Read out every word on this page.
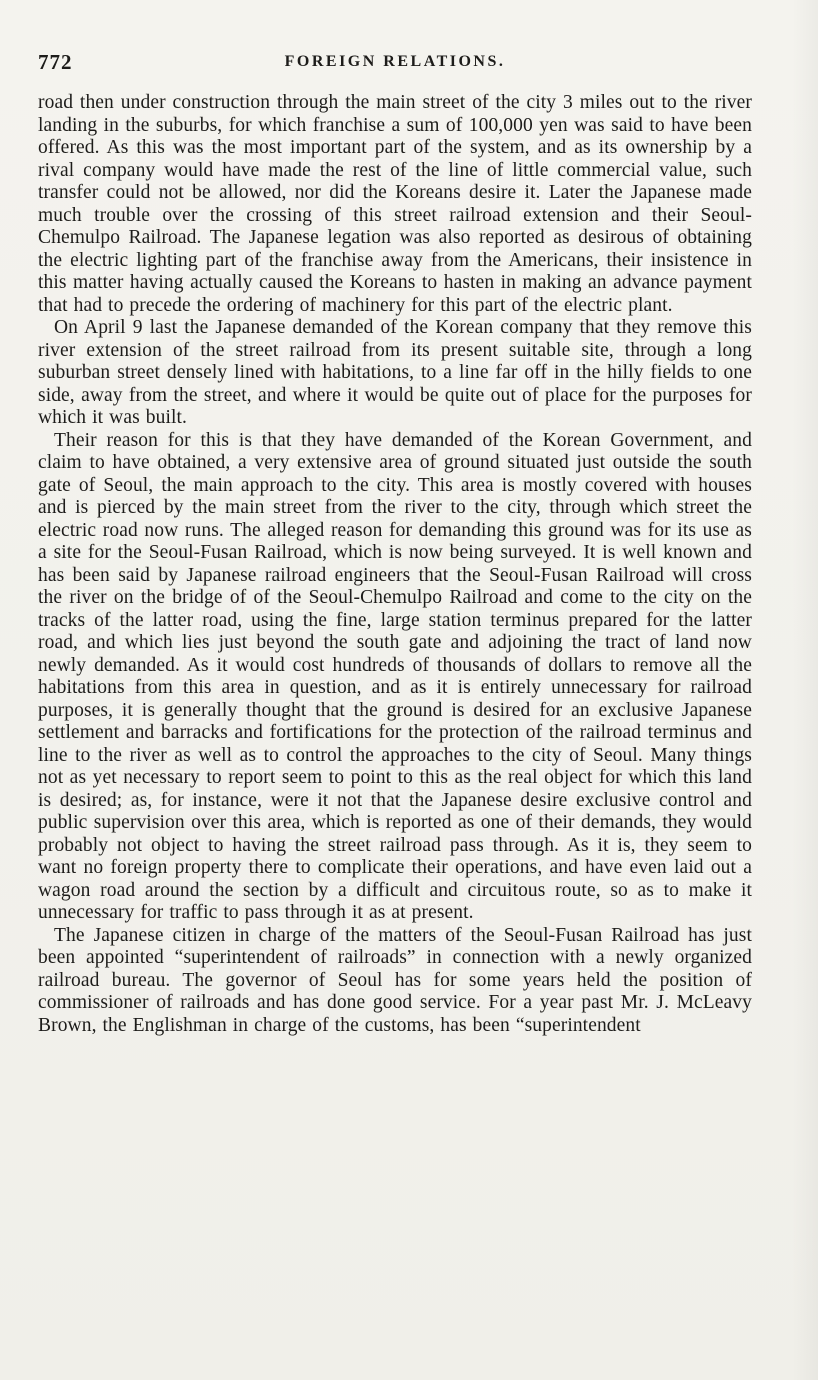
772	FOREIGN RELATIONS.

road then under construction through the main street of the city 3 miles out to the river landing in the suburbs, for which franchise a sum of 100,000 yen was said to have been offered. As this was the most important part of the system, and as its ownership by a rival company would have made the rest of the line of little commercial value, such transfer could not be allowed, nor did the Koreans desire it. Later the Japanese made much trouble over the crossing of this street railroad extension and their Seoul-Chemulpo Railroad. The Japanese legation was also reported as desirous of obtaining the electric lighting part of the franchise away from the Americans, their insistence in this matter having actually caused the Koreans to hasten in making an advance payment that had to precede the ordering of machinery for this part of the electric plant.

On April 9 last the Japanese demanded of the Korean company that they remove this river extension of the street railroad from its present suitable site, through a long suburban street densely lined with habitations, to a line far off in the hilly fields to one side, away from the street, and where it would be quite out of place for the purposes for which it was built.

Their reason for this is that they have demanded of the Korean Government, and claim to have obtained, a very extensive area of ground situated just outside the south gate of Seoul, the main approach to the city. This area is mostly covered with houses and is pierced by the main street from the river to the city, through which street the electric road now runs. The alleged reason for demanding this ground was for its use as a site for the Seoul-Fusan Railroad, which is now being surveyed. It is well known and has been said by Japanese railroad engineers that the Seoul-Fusan Railroad will cross the river on the bridge of of the Seoul-Chemulpo Railroad and come to the city on the tracks of the latter road, using the fine, large station terminus prepared for the latter road, and which lies just beyond the south gate and adjoining the tract of land now newly demanded. As it would cost hundreds of thousands of dollars to remove all the habitations from this area in question, and as it is entirely unnecessary for railroad purposes, it is generally thought that the ground is desired for an exclusive Japanese settlement and barracks and fortifications for the protection of the railroad terminus and line to the river as well as to control the approaches to the city of Seoul. Many things not as yet necessary to report seem to point to this as the real object for which this land is desired; as, for instance, were it not that the Japanese desire exclusive control and public supervision over this area, which is reported as one of their demands, they would probably not object to having the street railroad pass through. As it is, they seem to want no foreign property there to complicate their operations, and have even laid out a wagon road around the section by a difficult and circuitous route, so as to make it unnecessary for traffic to pass through it as at present.

The Japanese citizen in charge of the matters of the Seoul-Fusan Railroad has just been appointed “superintendent of railroads” in connection with a newly organized railroad bureau. The governor of Seoul has for some years held the position of commissioner of railroads and has done good service. For a year past Mr. J. McLeavy Brown, the Englishman in charge of the customs, has been “superintendent
